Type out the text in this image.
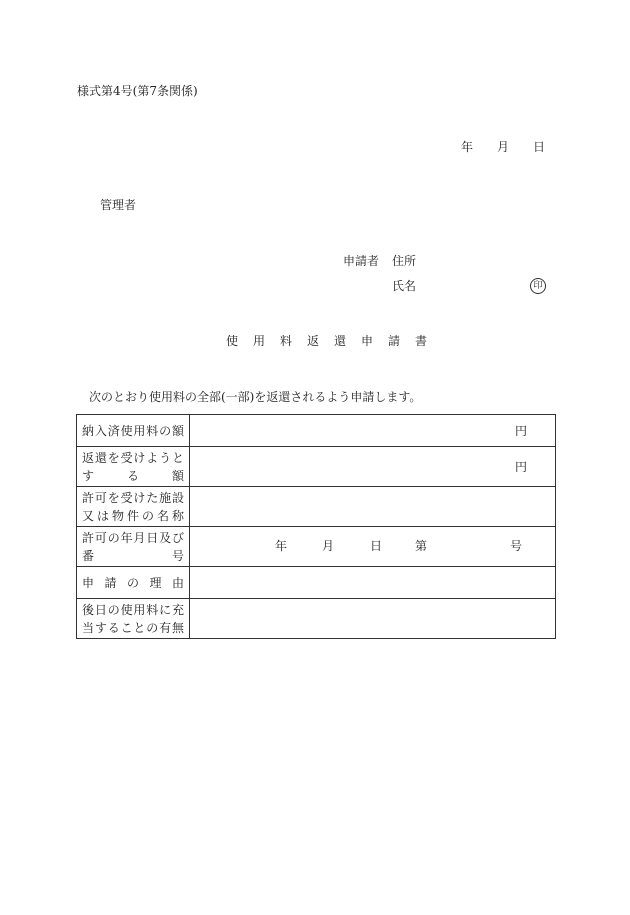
様式第4号(第7条関係)
年 月 日
管理者
申請者 住所
氏名	印
使用料返還申請書
次のとおり使用料の全部(一部)を返還されるよう申請します。
納入済使用料の額	円

返還を受けようとする額	円

許可を受けた施設又は物件の名称	

許可の年月日及び番号	年 月 日 第 号

申請の理由	

後日の使用料に充当することの有無	
